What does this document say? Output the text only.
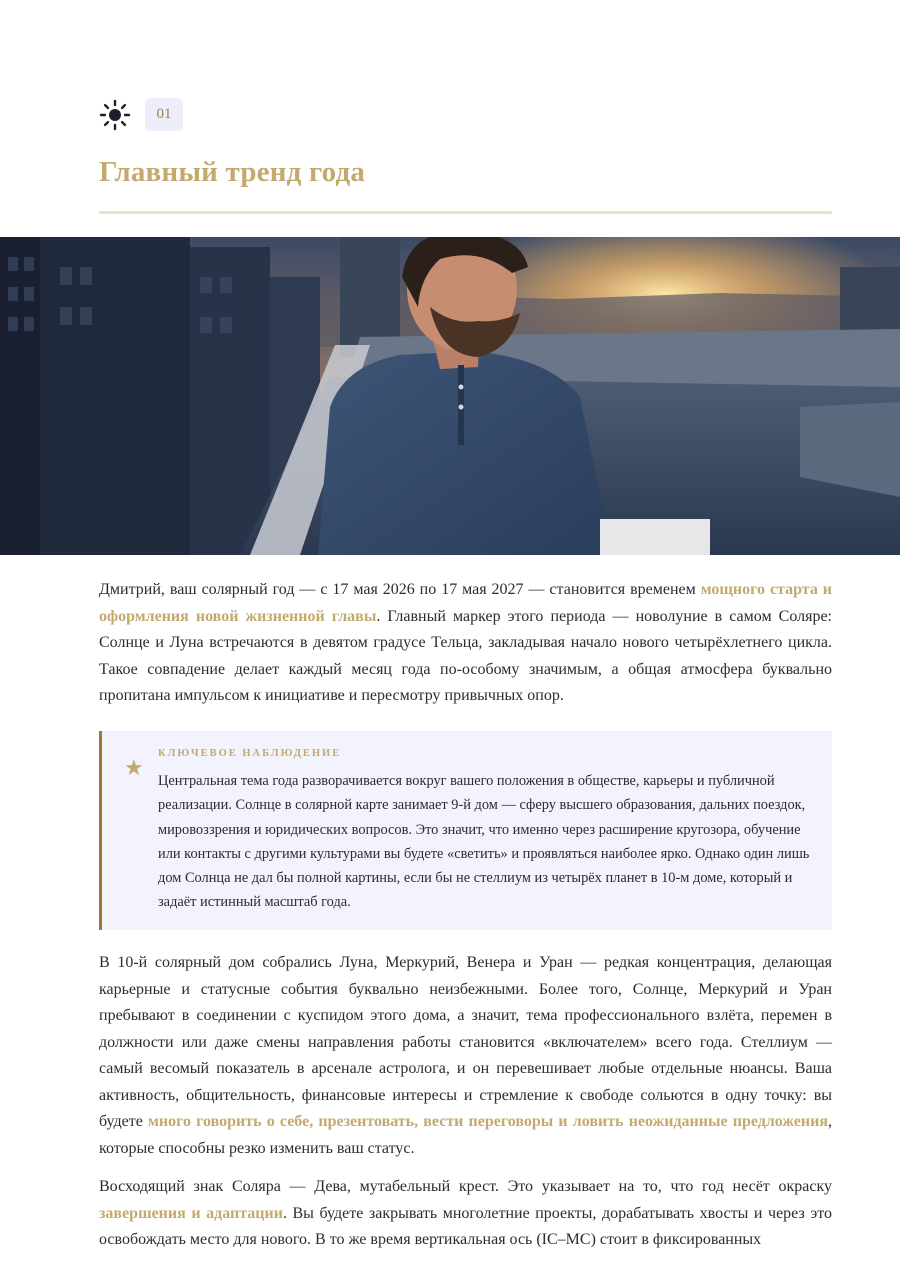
01
Главный тренд года

Дмитрий, ваш солярный год — с 17 мая 2026 по 17 мая 2027 — становится временем мощного старта и оформления новой жизненной главы. Главный маркер этого периода — новолуние в самом Соляре: Солнце и Луна встречаются в девятом градусе Тельца, закладывая начало нового четырёхлетнего цикла. Такое совпадение делает каждый месяц года по-особому значимым, а общая атмосфера буквально пропитана импульсом к инициативе и пересмотру привычных опор.

★

КЛЮЧЕВОЕ НАБЛЮДЕНИЕ

Центральная тема года разворачивается вокруг вашего положения в обществе, карьеры и публичной реализации. Солнце в солярной карте занимает 9-й дом — сферу высшего образования, дальних поездок, мировоззрения и юридических вопросов. Это значит, что именно через расширение кругозора, обучение или контакты с другими культурами вы будете «светить» и проявляться наиболее ярко. Однако один лишь дом Солнца не дал бы полной картины, если бы не стеллиум из четырёх планет в 10-м доме, который и задаёт истинный масштаб года.

В 10-й солярный дом собрались Луна, Меркурий, Венера и Уран — редкая концентрация, делающая карьерные и статусные события буквально неизбежными. Более того, Солнце, Меркурий и Уран пребывают в соединении с куспидом этого дома, а значит, тема профессионального взлёта, перемен в должности или даже смены направления работы становится «включателем» всего года. Стеллиум — самый весомый показатель в арсенале астролога, и он перевешивает любые отдельные нюансы. Ваша активность, общительность, финансовые интересы и стремление к свободе сольются в одну точку: вы будете много говорить о себе, презентовать, вести переговоры и ловить неожиданные предложения, которые способны резко изменить ваш статус.

Восходящий знак Соляра — Дева, мутабельный крест. Это указывает на то, что год несёт окраску завершения и адаптации. Вы будете закрывать многолетние проекты, дорабатывать хвосты и через это освобождать место для нового. В то же время вертикальная ось (IC–MC) стоит в фиксированных
